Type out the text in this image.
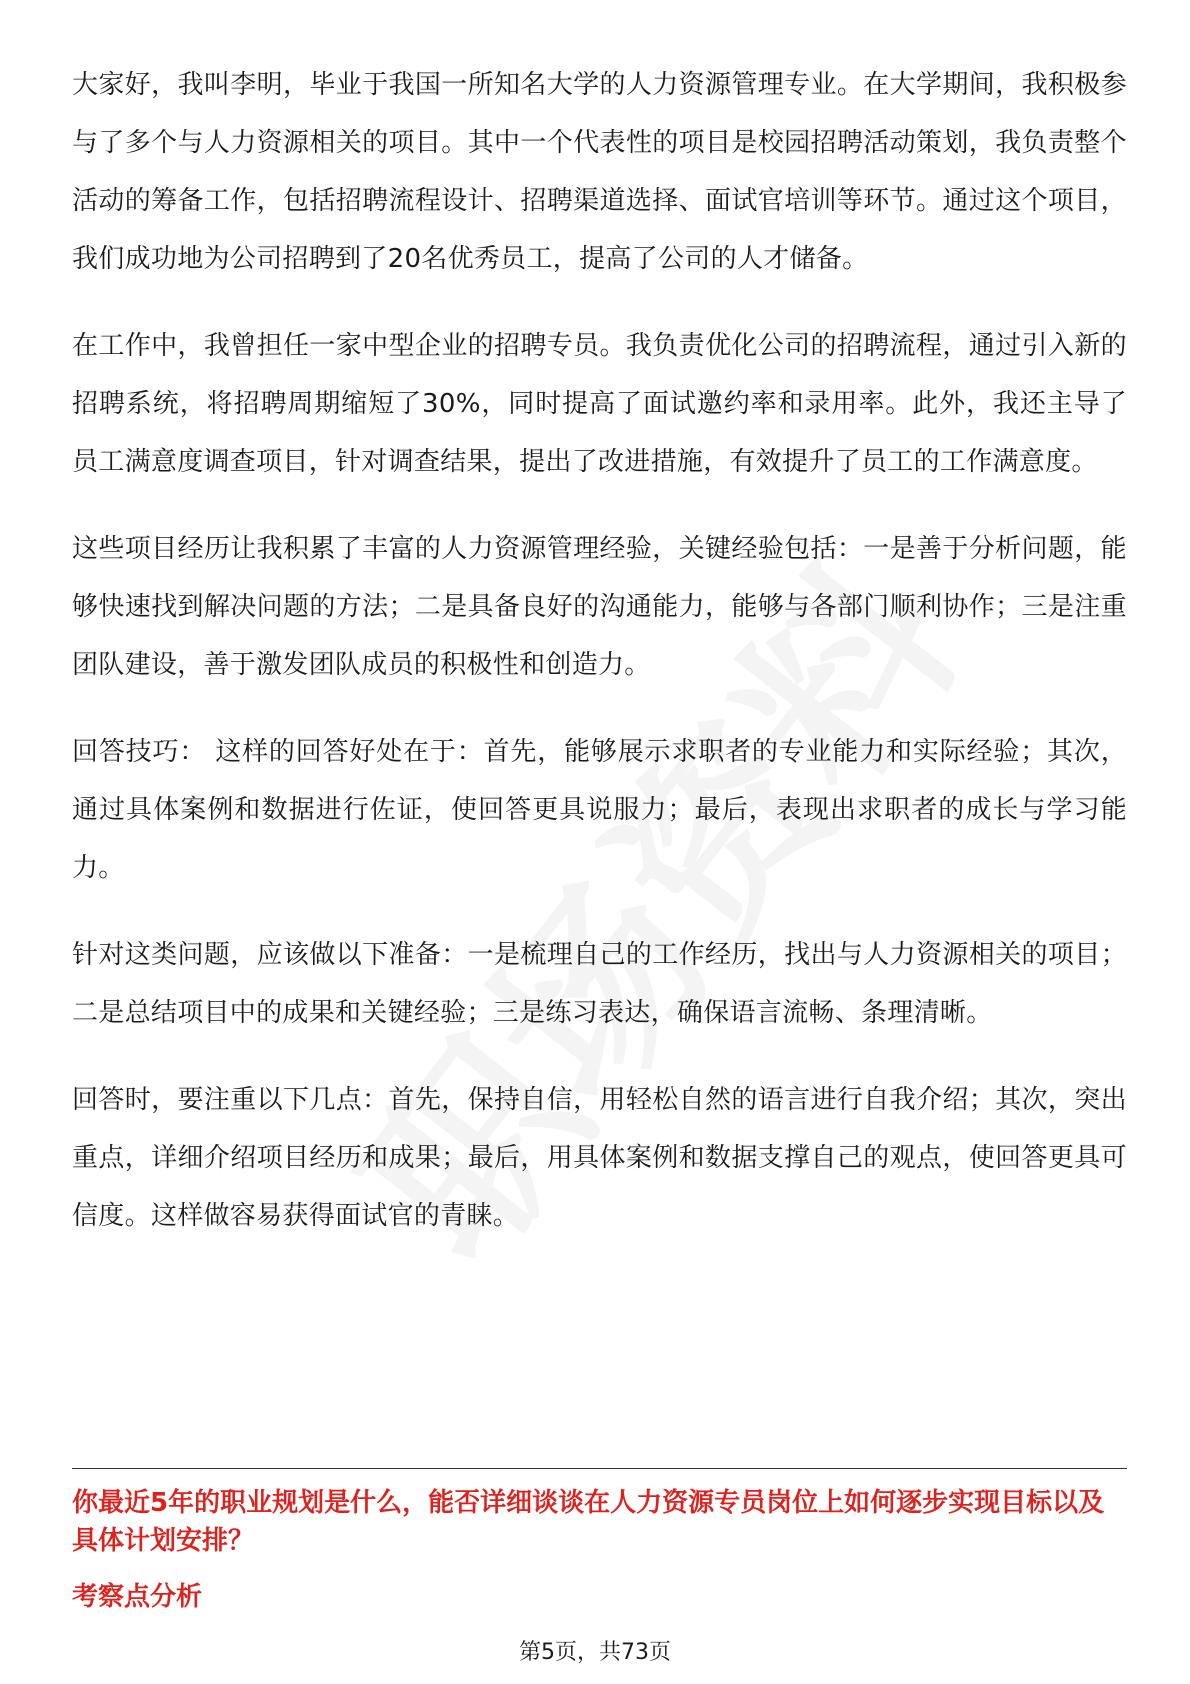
大家好，我叫李明，毕业于我国一所知名大学的人力资源管理专业。在大学期间，我积极参与了多个与人力资源相关的项目。其中一个代表性的项目是校园招聘活动策划，我负责整个活动的筹备工作，包括招聘流程设计、招聘渠道选择、面试官培训等环节。通过这个项目，我们成功地为公司招聘到了20名优秀员工，提高了公司的人才储备。

在工作中，我曾担任一家中型企业的招聘专员。我负责优化公司的招聘流程，通过引入新的招聘系统，将招聘周期缩短了30%，同时提高了面试邀约率和录用率。此外，我还主导了员工满意度调查项目，针对调查结果，提出了改进措施，有效提升了员工的工作满意度。

这些项目经历让我积累了丰富的人力资源管理经验，关键经验包括：一是善于分析问题，能够快速找到解决问题的方法；二是具备良好的沟通能力，能够与各部门顺利协作；三是注重团队建设，善于激发团队成员的积极性和创造力。

回答技巧： 这样的回答好处在于：首先，能够展示求职者的专业能力和实际经验；其次，通过具体案例和数据进行佐证，使回答更具说服力；最后，表现出求职者的成长与学习能力。

针对这类问题，应该做以下准备：一是梳理自己的工作经历，找出与人力资源相关的项目；二是总结项目中的成果和关键经验；三是练习表达，确保语言流畅、条理清晰。

回答时，要注重以下几点：首先，保持自信，用轻松自然的语言进行自我介绍；其次，突出重点，详细介绍项目经历和成果；最后，用具体案例和数据支撑自己的观点，使回答更具可信度。这样做容易获得面试官的青睐。

你最近5年的职业规划是什么，能否详细谈谈在人力资源专员岗位上如何逐步实现目标以及具体计划安排？

考察点分析

第5页，共73页
